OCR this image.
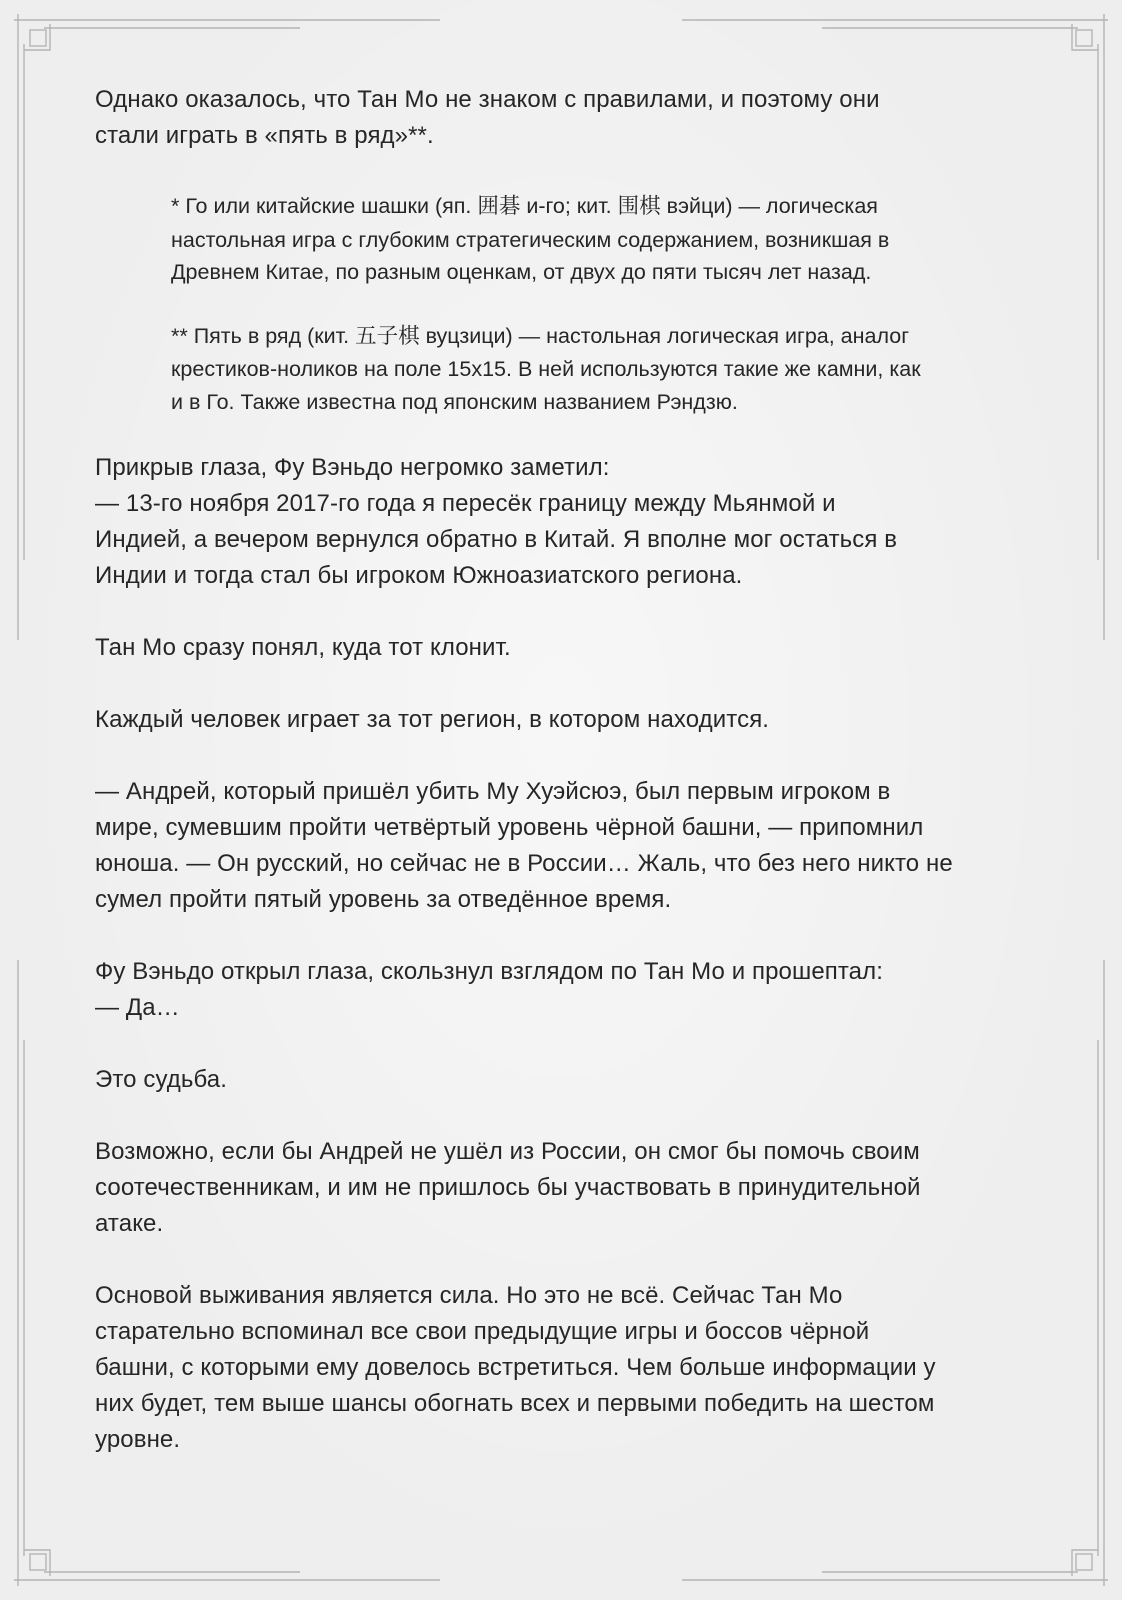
Однако оказалось, что Тан Мо не знаком с правилами, и поэтому они
стали играть в «пять в ряд»**.

* Го или китайские шашки (яп. 囲碁 и-го; кит. 围棋 вэйци) — логическая
настольная игра с глубоким стратегическим содержанием, возникшая в
Древнем Китае, по разным оценкам, от двух до пяти тысяч лет назад.

** Пять в ряд (кит. 五子棋 вуцзици) — настольная логическая игра, аналог
крестиков-ноликов на поле 15x15. В ней используются такие же камни, как
и в Го. Также известна под японским названием Рэндзю.

Прикрыв глаза, Фу Вэньдо негромко заметил:
— 13-го ноября 2017-го года я пересёк границу между Мьянмой и
Индией, а вечером вернулся обратно в Китай. Я вполне мог остаться в
Индии и тогда стал бы игроком Южноазиатского региона.

Тан Мо сразу понял, куда тот клонит.

Каждый человек играет за тот регион, в котором находится.

— Андрей, который пришёл убить Му Хуэйсюэ, был первым игроком в
мире, сумевшим пройти четвёртый уровень чёрной башни, — припомнил
юноша. — Он русский, но сейчас не в России… Жаль, что без него никто не
сумел пройти пятый уровень за отведённое время.

Фу Вэньдо открыл глаза, скользнул взглядом по Тан Мо и прошептал:
— Да…

Это судьба.

Возможно, если бы Андрей не ушёл из России, он смог бы помочь своим
соотечественникам, и им не пришлось бы участвовать в принудительной
атаке.

Основой выживания является сила. Но это не всё. Сейчас Тан Мо
старательно вспоминал все свои предыдущие игры и боссов чёрной
башни, с которыми ему довелось встретиться. Чем больше информации у
них будет, тем выше шансы обогнать всех и первыми победить на шестом
уровне.
